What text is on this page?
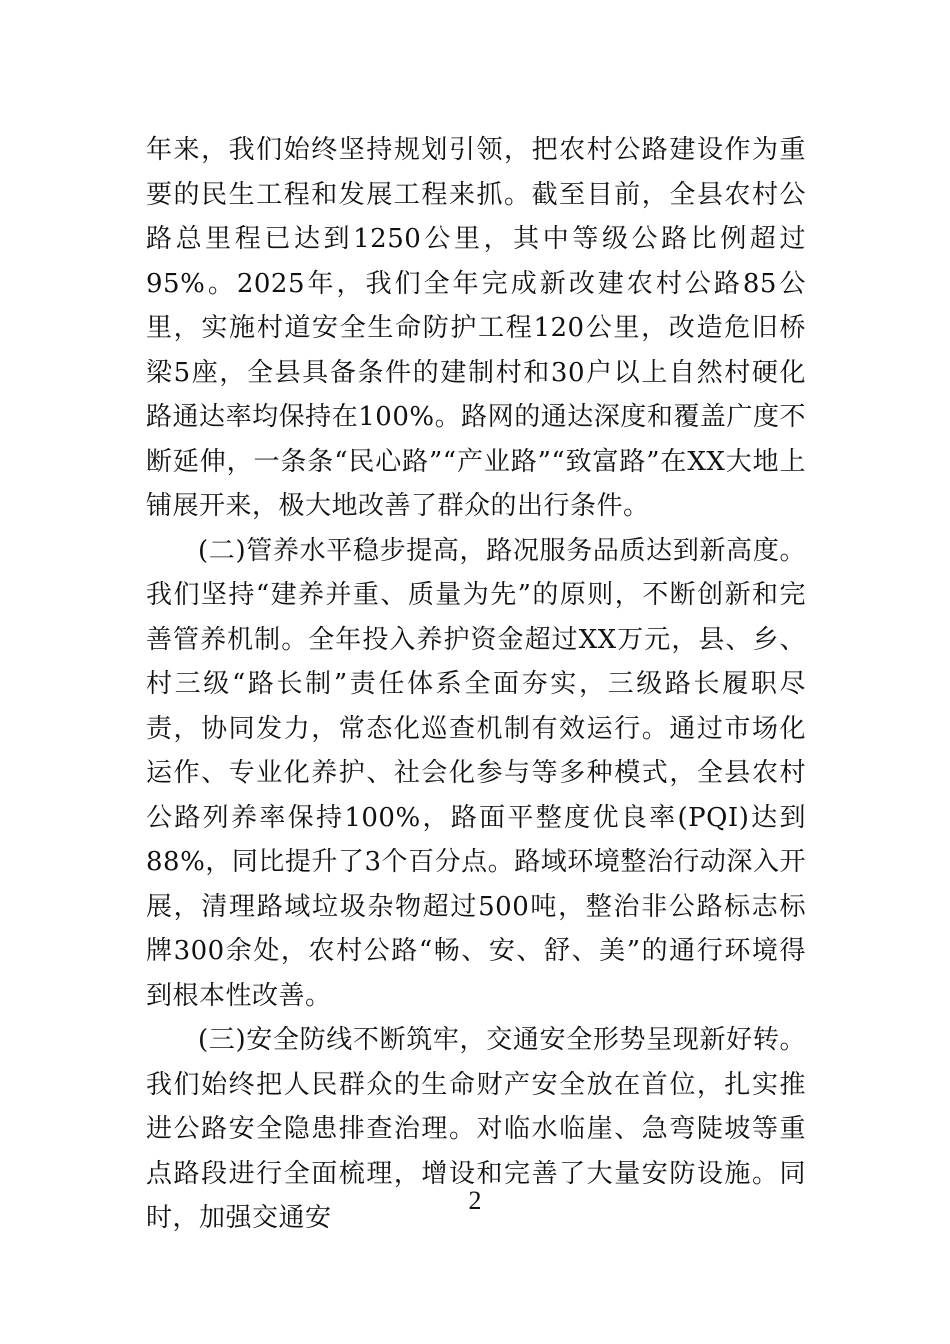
年来，我们始终坚持规划引领，把农村公路建设作为重要的民生工程和发展工程来抓。截至目前，全县农村公路总里程已达到1250公里，其中等级公路比例超过95%。2025年，我们全年完成新改建农村公路85公里，实施村道安全生命防护工程120公里，改造危旧桥梁5座，全县具备条件的建制村和30户以上自然村硬化路通达率均保持在100%。路网的通达深度和覆盖广度不断延伸，一条条“民心路”“产业路”“致富路”在XX大地上铺展开来，极大地改善了群众的出行条件。

(二)管养水平稳步提高，路况服务品质达到新高度。我们坚持“建养并重、质量为先”的原则，不断创新和完善管养机制。全年投入养护资金超过XX万元，县、乡、村三级“路长制”责任体系全面夯实，三级路长履职尽责，协同发力，常态化巡查机制有效运行。通过市场化运作、专业化养护、社会化参与等多种模式，全县农村公路列养率保持100%，路面平整度优良率(PQI)达到88%，同比提升了3个百分点。路域环境整治行动深入开展，清理路域垃圾杂物超过500吨，整治非公路标志标牌300余处，农村公路“畅、安、舒、美”的通行环境得到根本性改善。

(三)安全防线不断筑牢，交通安全形势呈现新好转。我们始终把人民群众的生命财产安全放在首位，扎实推进公路安全隐患排查治理。对临水临崖、急弯陡坡等重点路段进行全面梳理，增设和完善了大量安防设施。同时，加强交通安

2
